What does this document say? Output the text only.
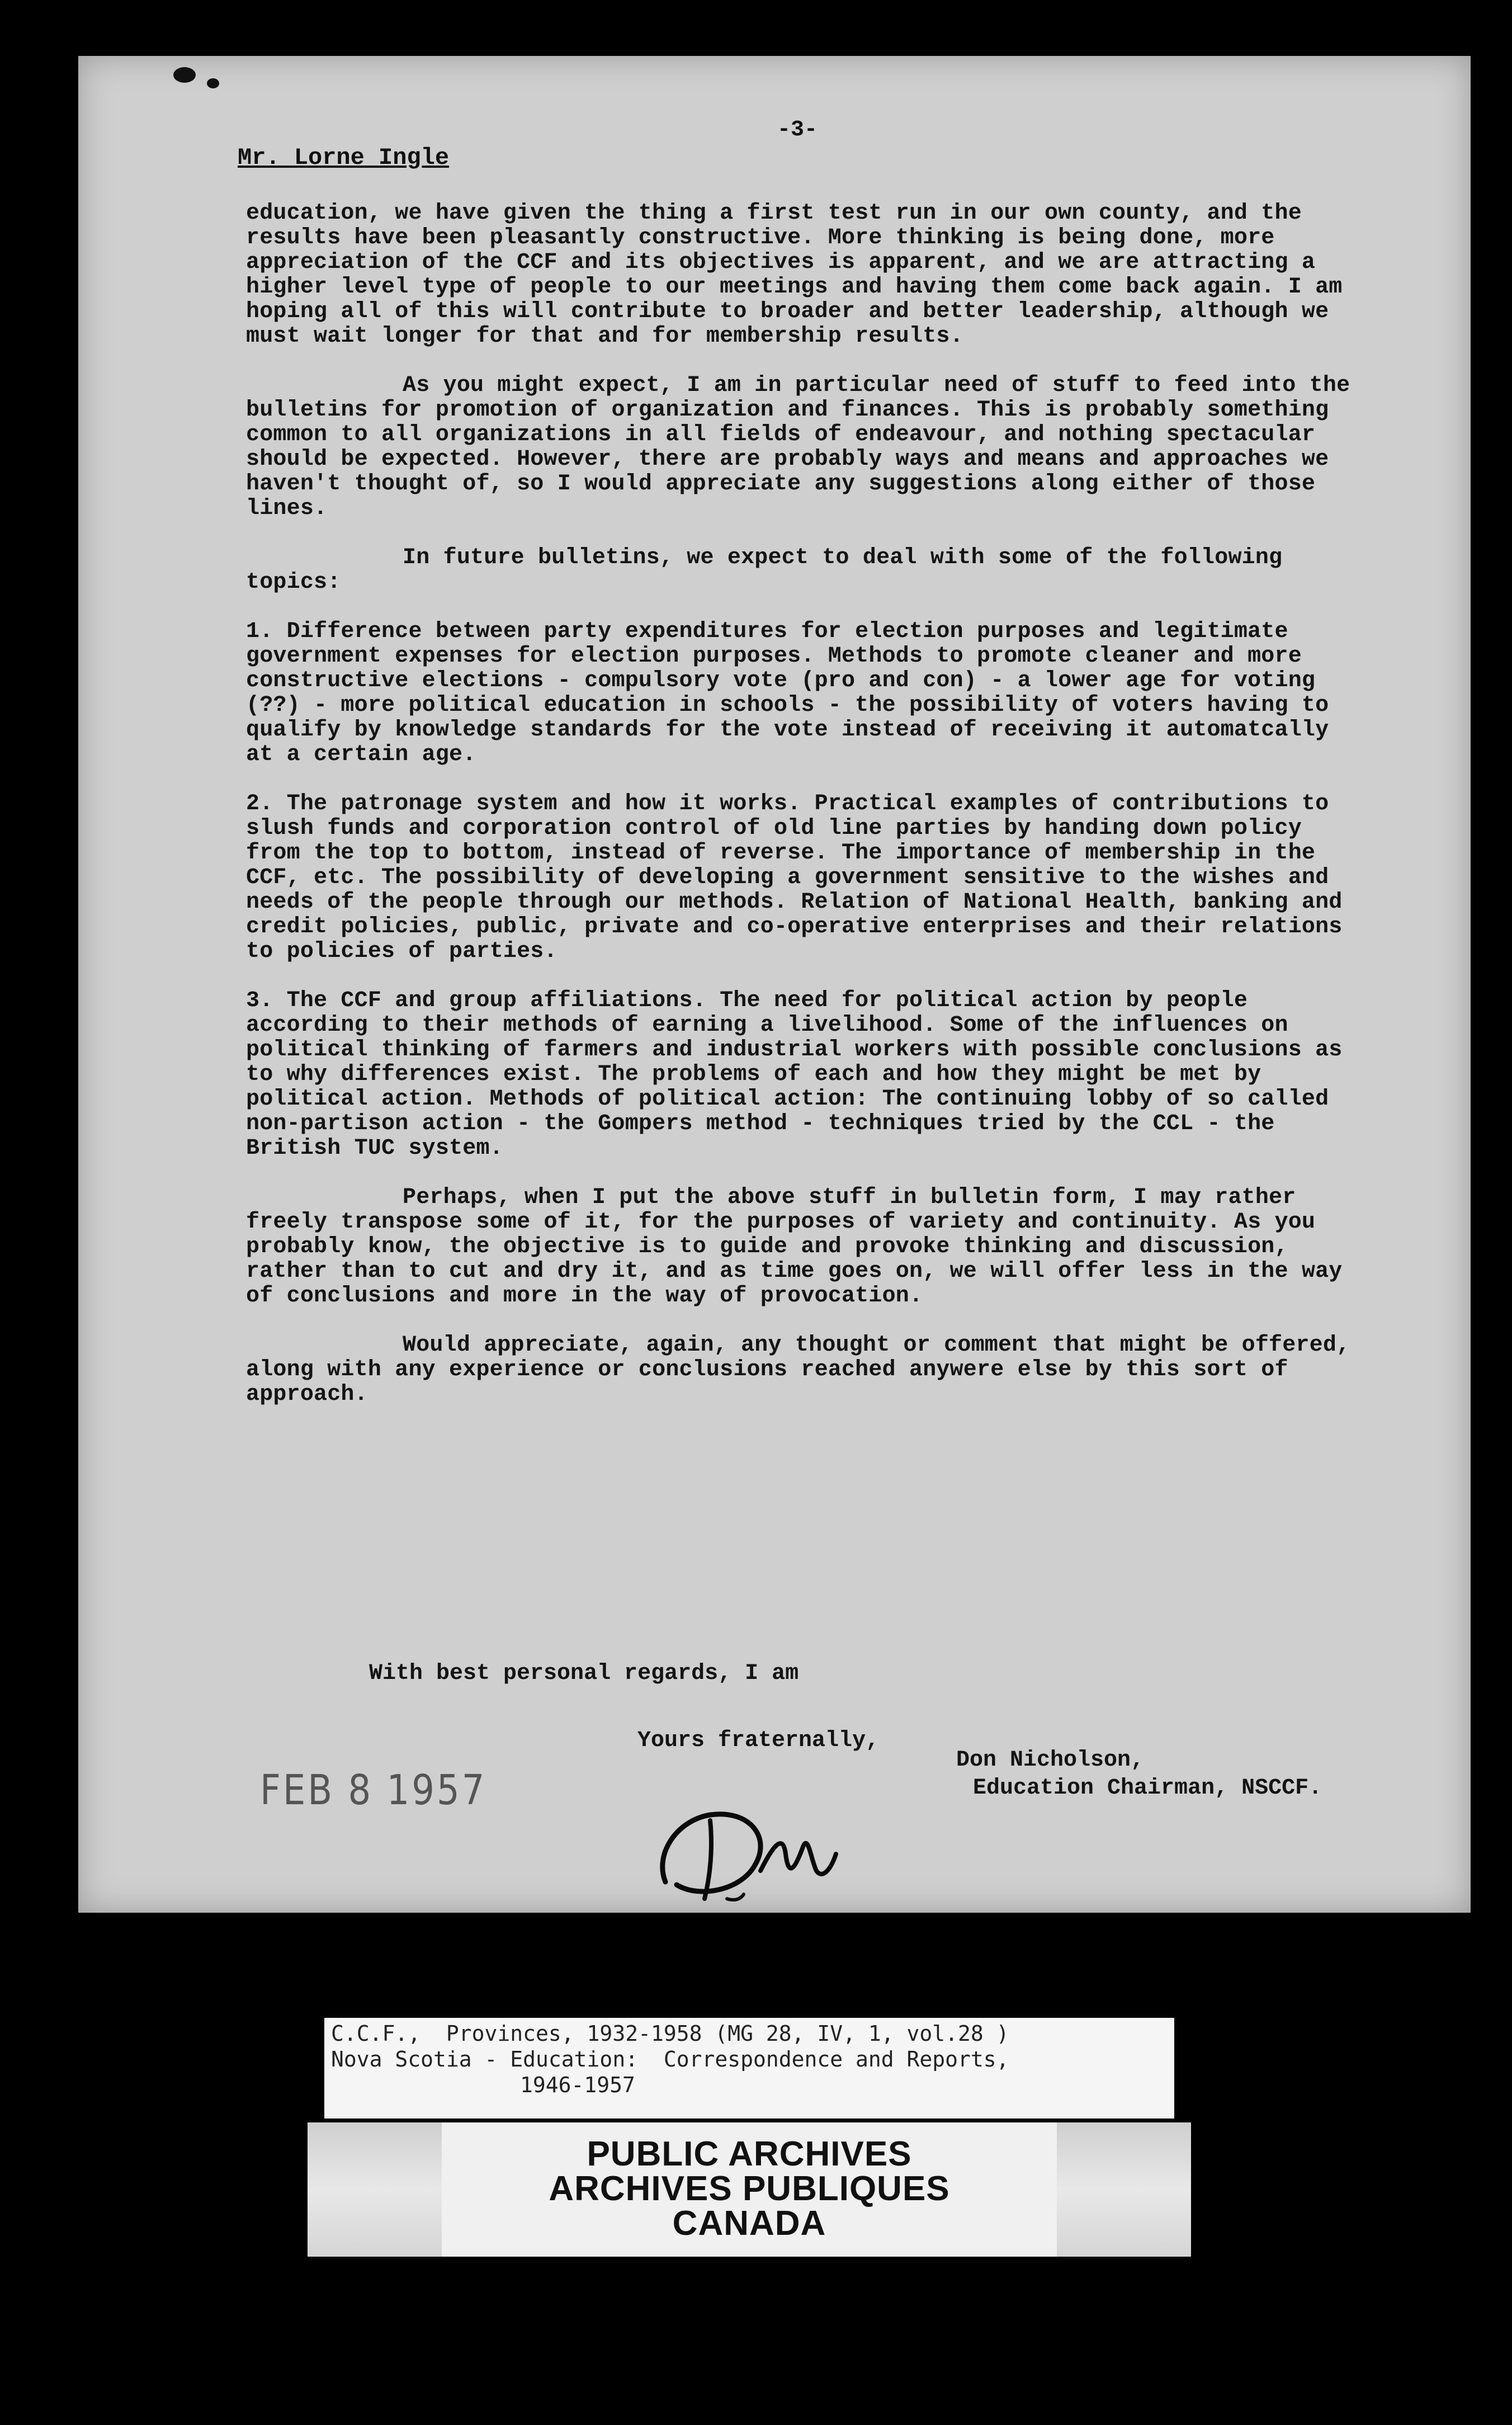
-3-
Mr. Lorne Ingle

education, we have given the thing a first test run in our own county, and the results have been pleasantly constructive. More thinking is being done, more appreciation of the CCF and its objectives is apparent, and we are attracting a higher level type of people to our meetings and having them come back again. I am hoping all of this will contribute to broader and better leadership, although we must wait longer for that and for membership results.

As you might expect, I am in particular need of stuff to feed into the bulletins for promotion of organization and finances. This is probably something common to all organizations in all fields of endeavour, and nothing spectacular should be expected. However, there are probably ways and means and approaches we haven't thought of, so I would appreciate any suggestions along either of those lines.

In future bulletins, we expect to deal with some of the following topics:

1. Difference between party expenditures for election purposes and legitimate government expenses for election purposes. Methods to promote cleaner and more constructive elections - compulsory vote (pro and con) - a lower age for voting (??) - more political education in schools - the possibility of voters having to qualify by knowledge standards for the vote instead of receiving it automatcally at a certain age.

2. The patronage system and how it works. Practical examples of contributions to slush funds and corporation control of old line parties by handing down policy from the top to bottom, instead of reverse. The importance of membership in the CCF, etc. The possibility of developing a government sensitive to the wishes and needs of the people through our methods. Relation of National Health, banking and credit policies, public, private and co-operative enterprises and their relations to policies of parties.

3. The CCF and group affiliations. The need for political action by people according to their methods of earning a livelihood. Some of the influences on political thinking of farmers and industrial workers with possible conclusions as to why differences exist. The problems of each and how they might be met by political action. Methods of political action: The continuing lobby of so called non-partison action - the Gompers method - techniques tried by the CCL - the British TUC system.

Perhaps, when I put the above stuff in bulletin form, I may rather freely transpose some of it, for the purposes of variety and continuity. As you probably know, the objective is to guide and provoke thinking and discussion, rather than to cut and dry it, and as time goes on, we will offer less in the way of conclusions and more in the way of provocation.

Would appreciate, again, any thought or comment that might be offered, along with any experience or conclusions reached anywere else by this sort of approach.

With best personal regards, I am
Yours fraternally,
Don Nicholson,
Education Chairman, NSCCF.
FEB 8 1957
C.C.F.,  Provinces, 1932-1958 (MG 28, IV, 1, vol.28 )
Nova Scotia - Education:  Correspondence and Reports,
1946-1957
PUBLIC ARCHIVES
ARCHIVES PUBLIQUES
CANADA
